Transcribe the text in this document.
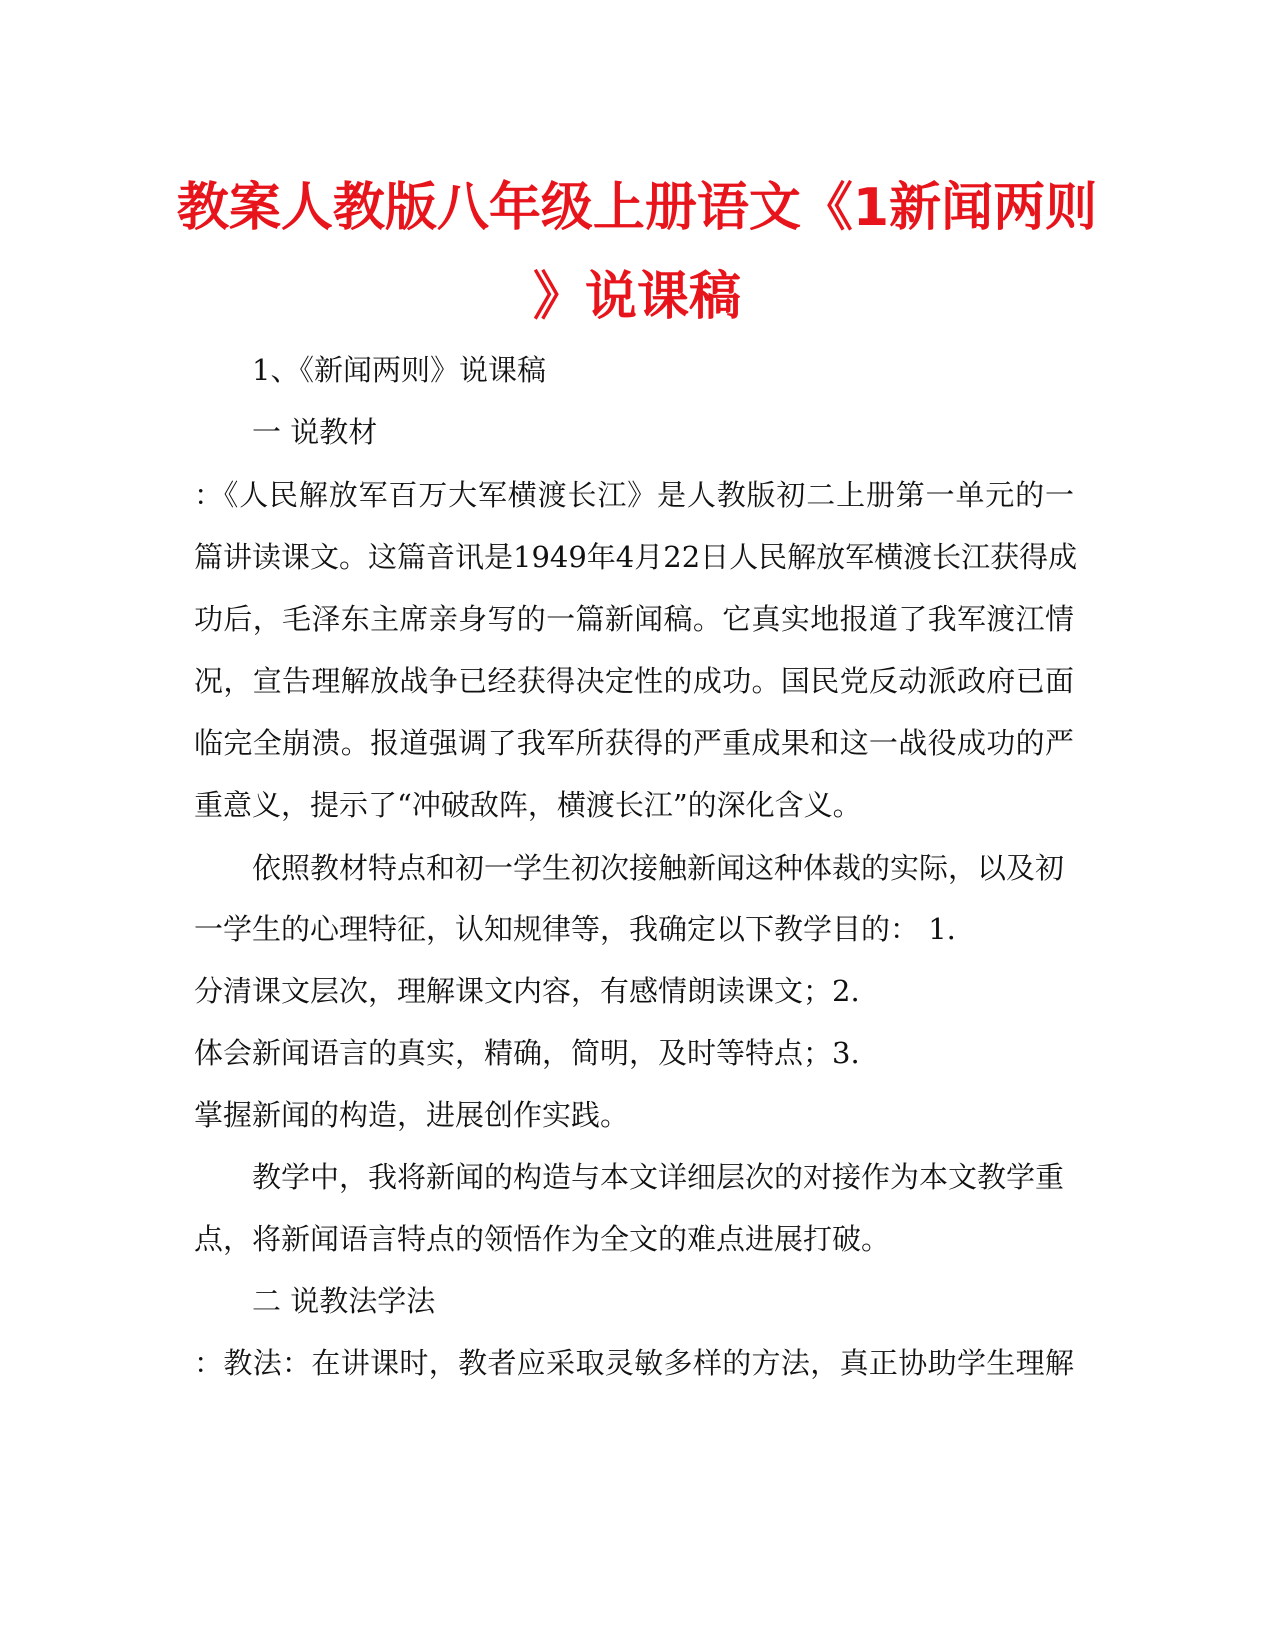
教案人教版八年级上册语文《1新闻两则
》说课稿
1、《新闻两则》说课稿
一 说教材
：《人民解放军百万大军横渡长江》是人教版初二上册第一单元的一
篇讲读课文。这篇音讯是1949年4月22日人民解放军横渡长江获得成
功后，毛泽东主席亲身写的一篇新闻稿。它真实地报道了我军渡江情
况，宣告理解放战争已经获得决定性的成功。国民党反动派政府已面
临完全崩溃。报道强调了我军所获得的严重成果和这一战役成功的严
重意义，提示了“冲破敌阵，横渡长江”的深化含义。
依照教材特点和初一学生初次接触新闻这种体裁的实际，以及初
一学生的心理特征，认知规律等，我确定以下教学目的： 1.
分清课文层次，理解课文内容，有感情朗读课文；2.
体会新闻语言的真实，精确，简明，及时等特点；3.
掌握新闻的构造，进展创作实践。
教学中，我将新闻的构造与本文详细层次的对接作为本文教学重
点，将新闻语言特点的领悟作为全文的难点进展打破。
二 说教法学法
：教法：在讲课时，教者应采取灵敏多样的方法，真正协助学生理解
